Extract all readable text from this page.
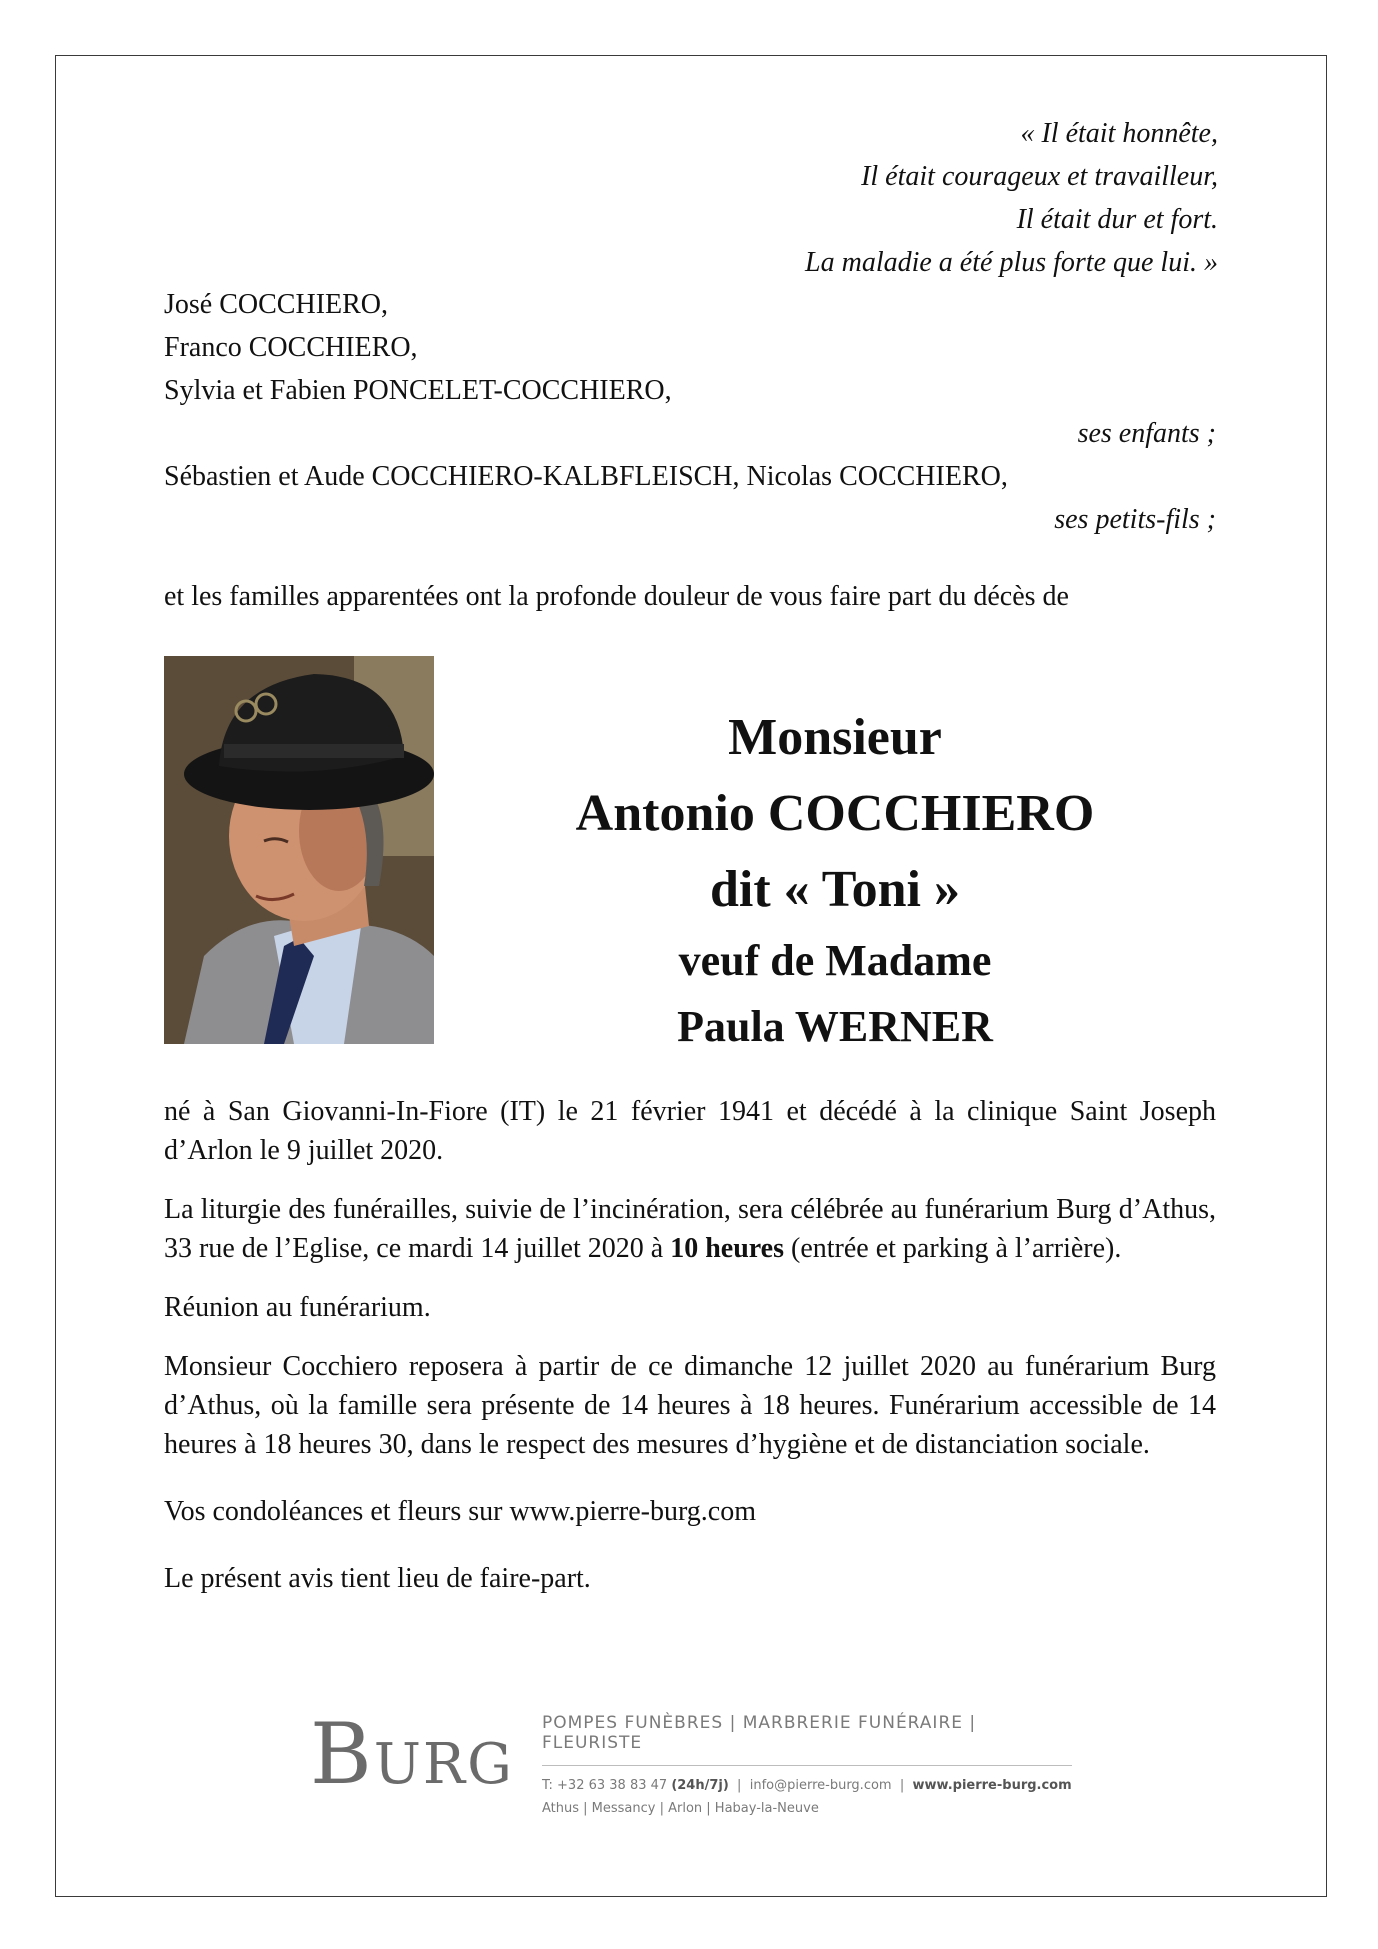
« Il était honnête,
Il était courageux et travailleur,
Il était dur et fort.
La maladie a été plus forte que lui. »
José COCCHIERO,
Franco COCCHIERO,
Sylvia et Fabien PONCELET-COCCHIERO,
ses enfants ;
Sébastien et Aude COCCHIERO-KALBFLEISCH, Nicolas COCCHIERO,
ses petits-fils ;
et les familles apparentées ont la profonde douleur de vous faire part du décès de
Monsieur
Antonio COCCHIERO
dit « Toni »
veuf de Madame
Paula WERNER

né à San Giovanni-In-Fiore (IT) le 21 février 1941 et décédé à la clinique Saint Joseph d’Arlon le 9 juillet 2020.

La liturgie des funérailles, suivie de l’incinération, sera célébrée au funérarium Burg d’Athus, 33 rue de l’Eglise, ce mardi 14 juillet 2020 à 10 heures (entrée et parking à l’arrière).

Réunion au funérarium.

Monsieur Cocchiero reposera à partir de ce dimanche 12 juillet 2020 au funérarium Burg d’Athus, où la famille sera présente de 14 heures à 18 heures. Funérarium accessible de 14 heures à 18 heures 30, dans le respect des mesures d’hygiène et de distanciation sociale.

Vos condoléances et fleurs sur www.pierre-burg.com

Le présent avis tient lieu de faire-part.

BURG
POMPES FUNÈBRES | MARBRERIE FUNÉRAIRE | FLEURISTE
T: +32 63 38 83 47 (24h/7j)  |  info@pierre-burg.com  |  www.pierre-burg.com
Athus | Messancy | Arlon | Habay-la-Neuve
